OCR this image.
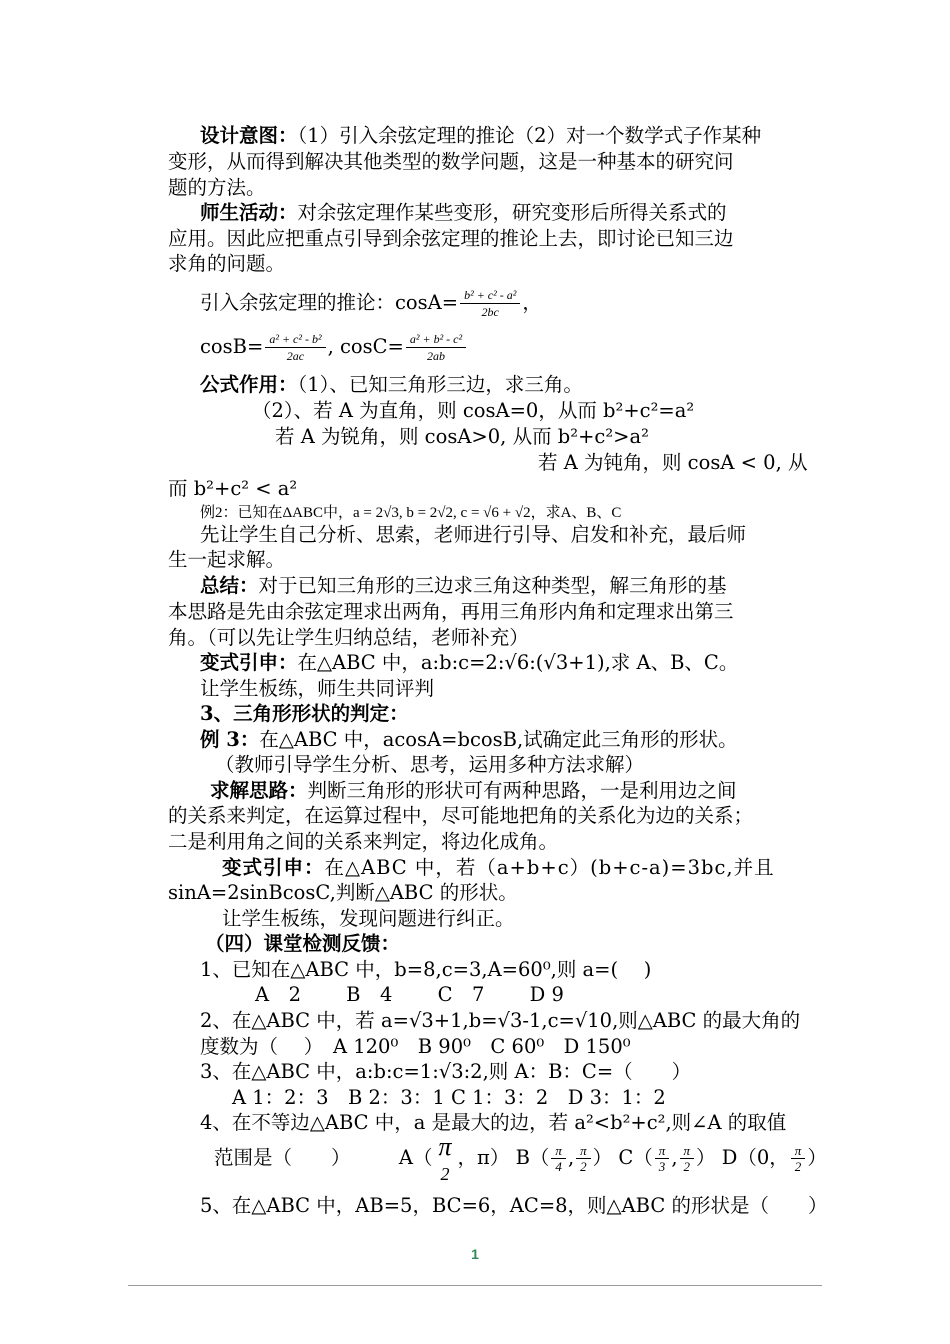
设计意图：（1）引入余弦定理的推论（2）对一个数学式子作某种
变形，从而得到解决其他类型的数学问题，这是一种基本的研究问
题的方法。
师生活动：对余弦定理作某些变形，研究变形后所得关系式的
应用。因此应把重点引导到余弦定理的推论上去，即讨论已知三边
求角的问题。
引入余弦定理的推论：$\cos A= \frac{\text{b² + c² - a²}}{2bc}$ ，
$\cos B= \frac{\text{a² + c² - b²}}{2ac}$ , $\cos C= \frac{\text{a² + b² - c²}}{2ab}$
公式作用：（1）、已知三角形三边，求三角。
（2）、若 A 为直角，则 cosA=0，从而 b²+c²=a²
若 A 为锐角，则 cosA>0, 从而 b²+c²>a²
若 A 为钝角，则 cosA < 0, 从
而 b²+c² < a²
例2：已知在ΔABC中，a = 2√3, b = 2√2, c = √6 + √2，求A、B、C
先让学生自己分析、思索，老师进行引导、启发和补充，最后师
生一起求解。
总结：对于已知三角形的三边求三角这种类型，解三角形的基
本思路是先由余弦定理求出两角，再用三角形内角和定理求出第三
角。（可以先让学生归纳总结，老师补充）
变式引申：在△ABC 中，a:b:c=2:√6:(√3+1),求 A、B、C。
让学生板练，师生共同评判
3、三角形形状的判定：
例 3：在△ABC 中，acosA=bcosB,试确定此三角形的形状。
（教师引导学生分析、思考，运用多种方法求解）
求解思路：判断三角形的形状可有两种思路，一是利用边之间
的关系来判定，在运算过程中，尽可能地把角的关系化为边的关系；
二是利用角之间的关系来判定，将边化成角。
变式引申：在△ABC 中，若（a+b+c）(b+c-a)=3bc,并且
sinA=2sinBcosC,判断△ABC 的形状。
让学生板练，发现问题进行纠正。
（四）课堂检测反馈：
1、已知在△ABC 中，b=8,c=3,A=60⁰,则 a=(　 )
A　2　　 B　4　　 C　7　　 D 9
2、在△ABC 中，若 a=√3+1,b=√3-1,c=√10,则△ABC 的最大角的
度数为（　 ）　A 120⁰　B 90⁰　C 60⁰　D 150⁰
3、在△ABC 中，a:b:c=1:√3:2,则 A：B：C=（　　）
A 1：2：3　B 2：3：1 C 1：3：2　D 3：1：2
4、在不等边△ABC 中，a 是最大的边，若 a²<b²+c²,则∠A 的取值
范围是（　　） A（ π
2
，π） $B( \frac{\pi}{4}$ , $\frac{\pi}{2}$ ） $C( \frac{\pi}{3}$ , $\frac{\pi}{2}$ ） D（0， $\frac{\pi}{2}$ ）
5、在△ABC 中，AB=5，BC=6，AC=8，则△ABC 的形状是（　　）
1
